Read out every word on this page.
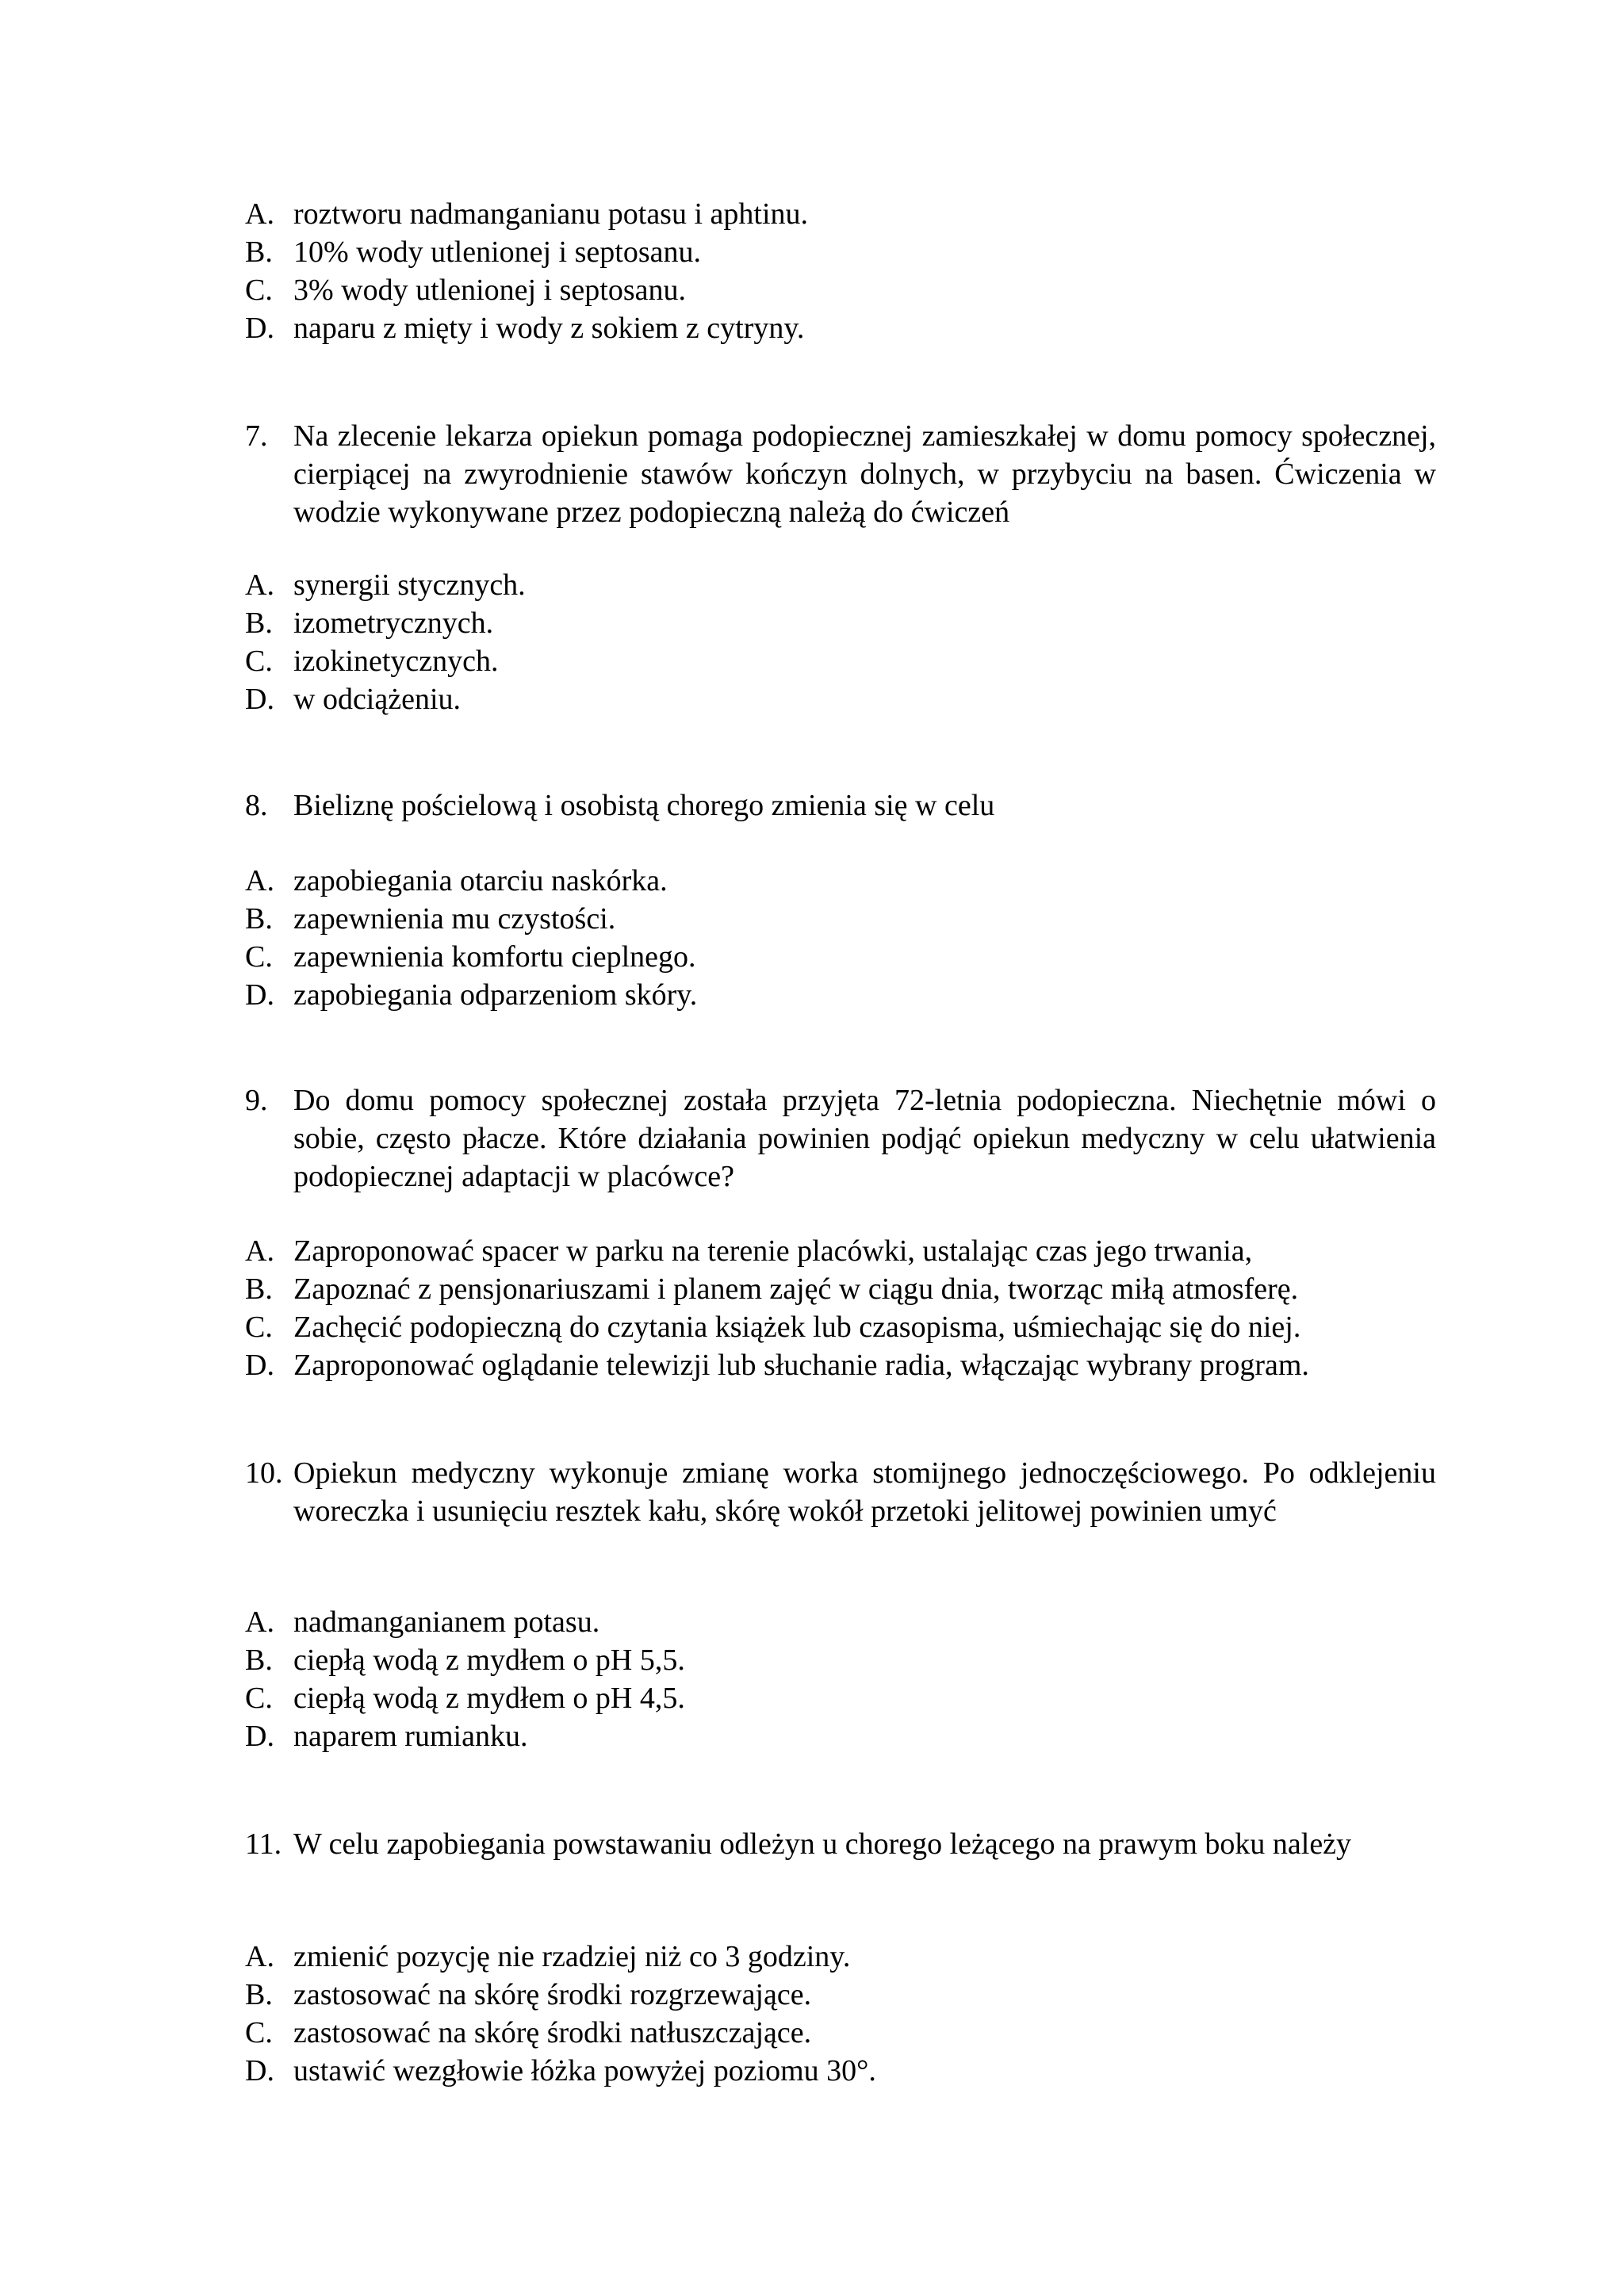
A. roztworu nadmanganianu potasu i aphtinu.
B. 10% wody utlenionej i septosanu.
C. 3% wody utlenionej i septosanu.
D. naparu z mięty i wody z sokiem z cytryny.
7. Na zlecenie lekarza opiekun pomaga podopiecznej zamieszkałej w domu pomocy społecznej, cierpiącej na zwyrodnienie stawów kończyn dolnych, w przybyciu na basen. Ćwiczenia w wodzie wykonywane przez podopieczną należą do ćwiczeń
A. synergii stycznych.
B. izometrycznych.
C. izokinetycznych.
D. w odciążeniu.
8. Bieliznę pościelową i osobistą chorego zmienia się w celu
A. zapobiegania otarciu naskórka.
B. zapewnienia mu czystości.
C. zapewnienia komfortu cieplnego.
D. zapobiegania odparzeniom skóry.
9. Do domu pomocy społecznej została przyjęta 72-letnia podopieczna. Niechętnie mówi o sobie, często płacze. Które działania powinien podjąć opiekun medyczny w celu ułatwienia podopiecznej adaptacji w placówce?
A. Zaproponować spacer w parku na terenie placówki, ustalając czas jego trwania,
B. Zapoznać z pensjonariuszami i planem zajęć w ciągu dnia, tworząc miłą atmosferę.
C. Zachęcić podopieczną do czytania książek lub czasopisma, uśmiechając się do niej.
D. Zaproponować oglądanie telewizji lub słuchanie radia, włączając wybrany program.
10. Opiekun medyczny wykonuje zmianę worka stomijnego jednoczęściowego. Po odklejeniu woreczka i usunięciu resztek kału, skórę wokół przetoki jelitowej powinien umyć
A. nadmanganianem potasu.
B. ciepłą wodą z mydłem o pH 5,5.
C. ciepłą wodą z mydłem o pH 4,5.
D. naparem rumianku.
11. W celu zapobiegania powstawaniu odleżyn u chorego leżącego na prawym boku należy
A. zmienić pozycję nie rzadziej niż co 3 godziny.
B. zastosować na skórę środki rozgrzewające.
C. zastosować na skórę środki natłuszczające.
D. ustawić wezgłowie łóżka powyżej poziomu 30°.
